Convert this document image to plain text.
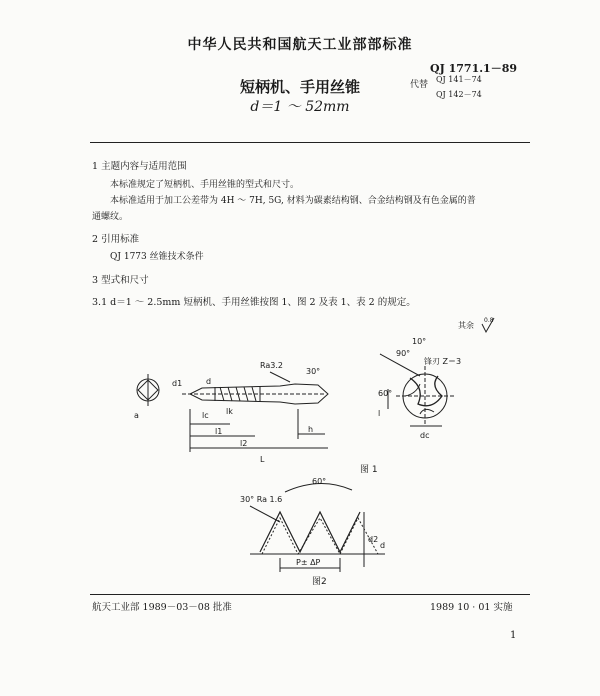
中华人民共和国航天工业部部标准
QJ 1771.1－89
短柄机、手用丝锥
d＝1 ～ 52mm
代替
QJ 141－74
QJ 142－74
1 主题内容与适用范围
本标准规定了短柄机、手用丝锥的型式和尺寸。
本标准适用于加工公差带为 4H ～ 7H, 5G, 材料为碳素结构钢、合金结构钢及有色金属的普
通螺纹。
2 引用标准
QJ 1773 丝锥技术条件
3 型式和尺寸
3.1 d＝1 ～ 2.5mm 短柄机、手用丝锥按图 1、图 2 及表 1、表 2 的规定。
a
d1	d
Ra3.2
30°
lc lk
l1
l2
L
h
其余
0.8
10°
90°
60°
锋刃 Z＝3
dc
l
图 1
60°
30° Ra 1.6
P± ΔP
d2
d
图2
航天工业部 1989－03－08 批准	1989 10 · 01 实施
1
